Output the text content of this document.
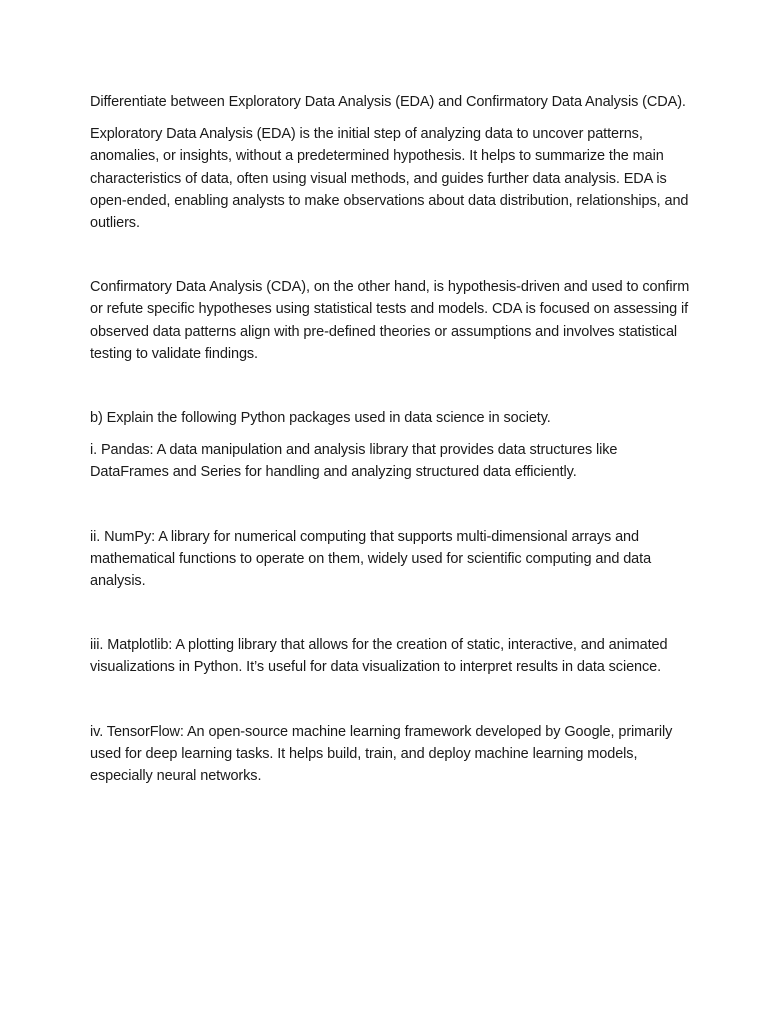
Differentiate between Exploratory Data Analysis (EDA) and Confirmatory Data Analysis (CDA).

Exploratory Data Analysis (EDA) is the initial step of analyzing data to uncover patterns, anomalies, or insights, without a predetermined hypothesis. It helps to summarize the main characteristics of data, often using visual methods, and guides further data analysis. EDA is open-ended, enabling analysts to make observations about data distribution, relationships, and outliers.

Confirmatory Data Analysis (CDA), on the other hand, is hypothesis-driven and used to confirm or refute specific hypotheses using statistical tests and models. CDA is focused on assessing if observed data patterns align with pre-defined theories or assumptions and involves statistical testing to validate findings.

b) Explain the following Python packages used in data science in society.

i. Pandas: A data manipulation and analysis library that provides data structures like DataFrames and Series for handling and analyzing structured data efficiently.

ii. NumPy: A library for numerical computing that supports multi-dimensional arrays and mathematical functions to operate on them, widely used for scientific computing and data analysis.

iii. Matplotlib: A plotting library that allows for the creation of static, interactive, and animated visualizations in Python. It’s useful for data visualization to interpret results in data science.

iv. TensorFlow: An open-source machine learning framework developed by Google, primarily used for deep learning tasks. It helps build, train, and deploy machine learning models, especially neural networks.
